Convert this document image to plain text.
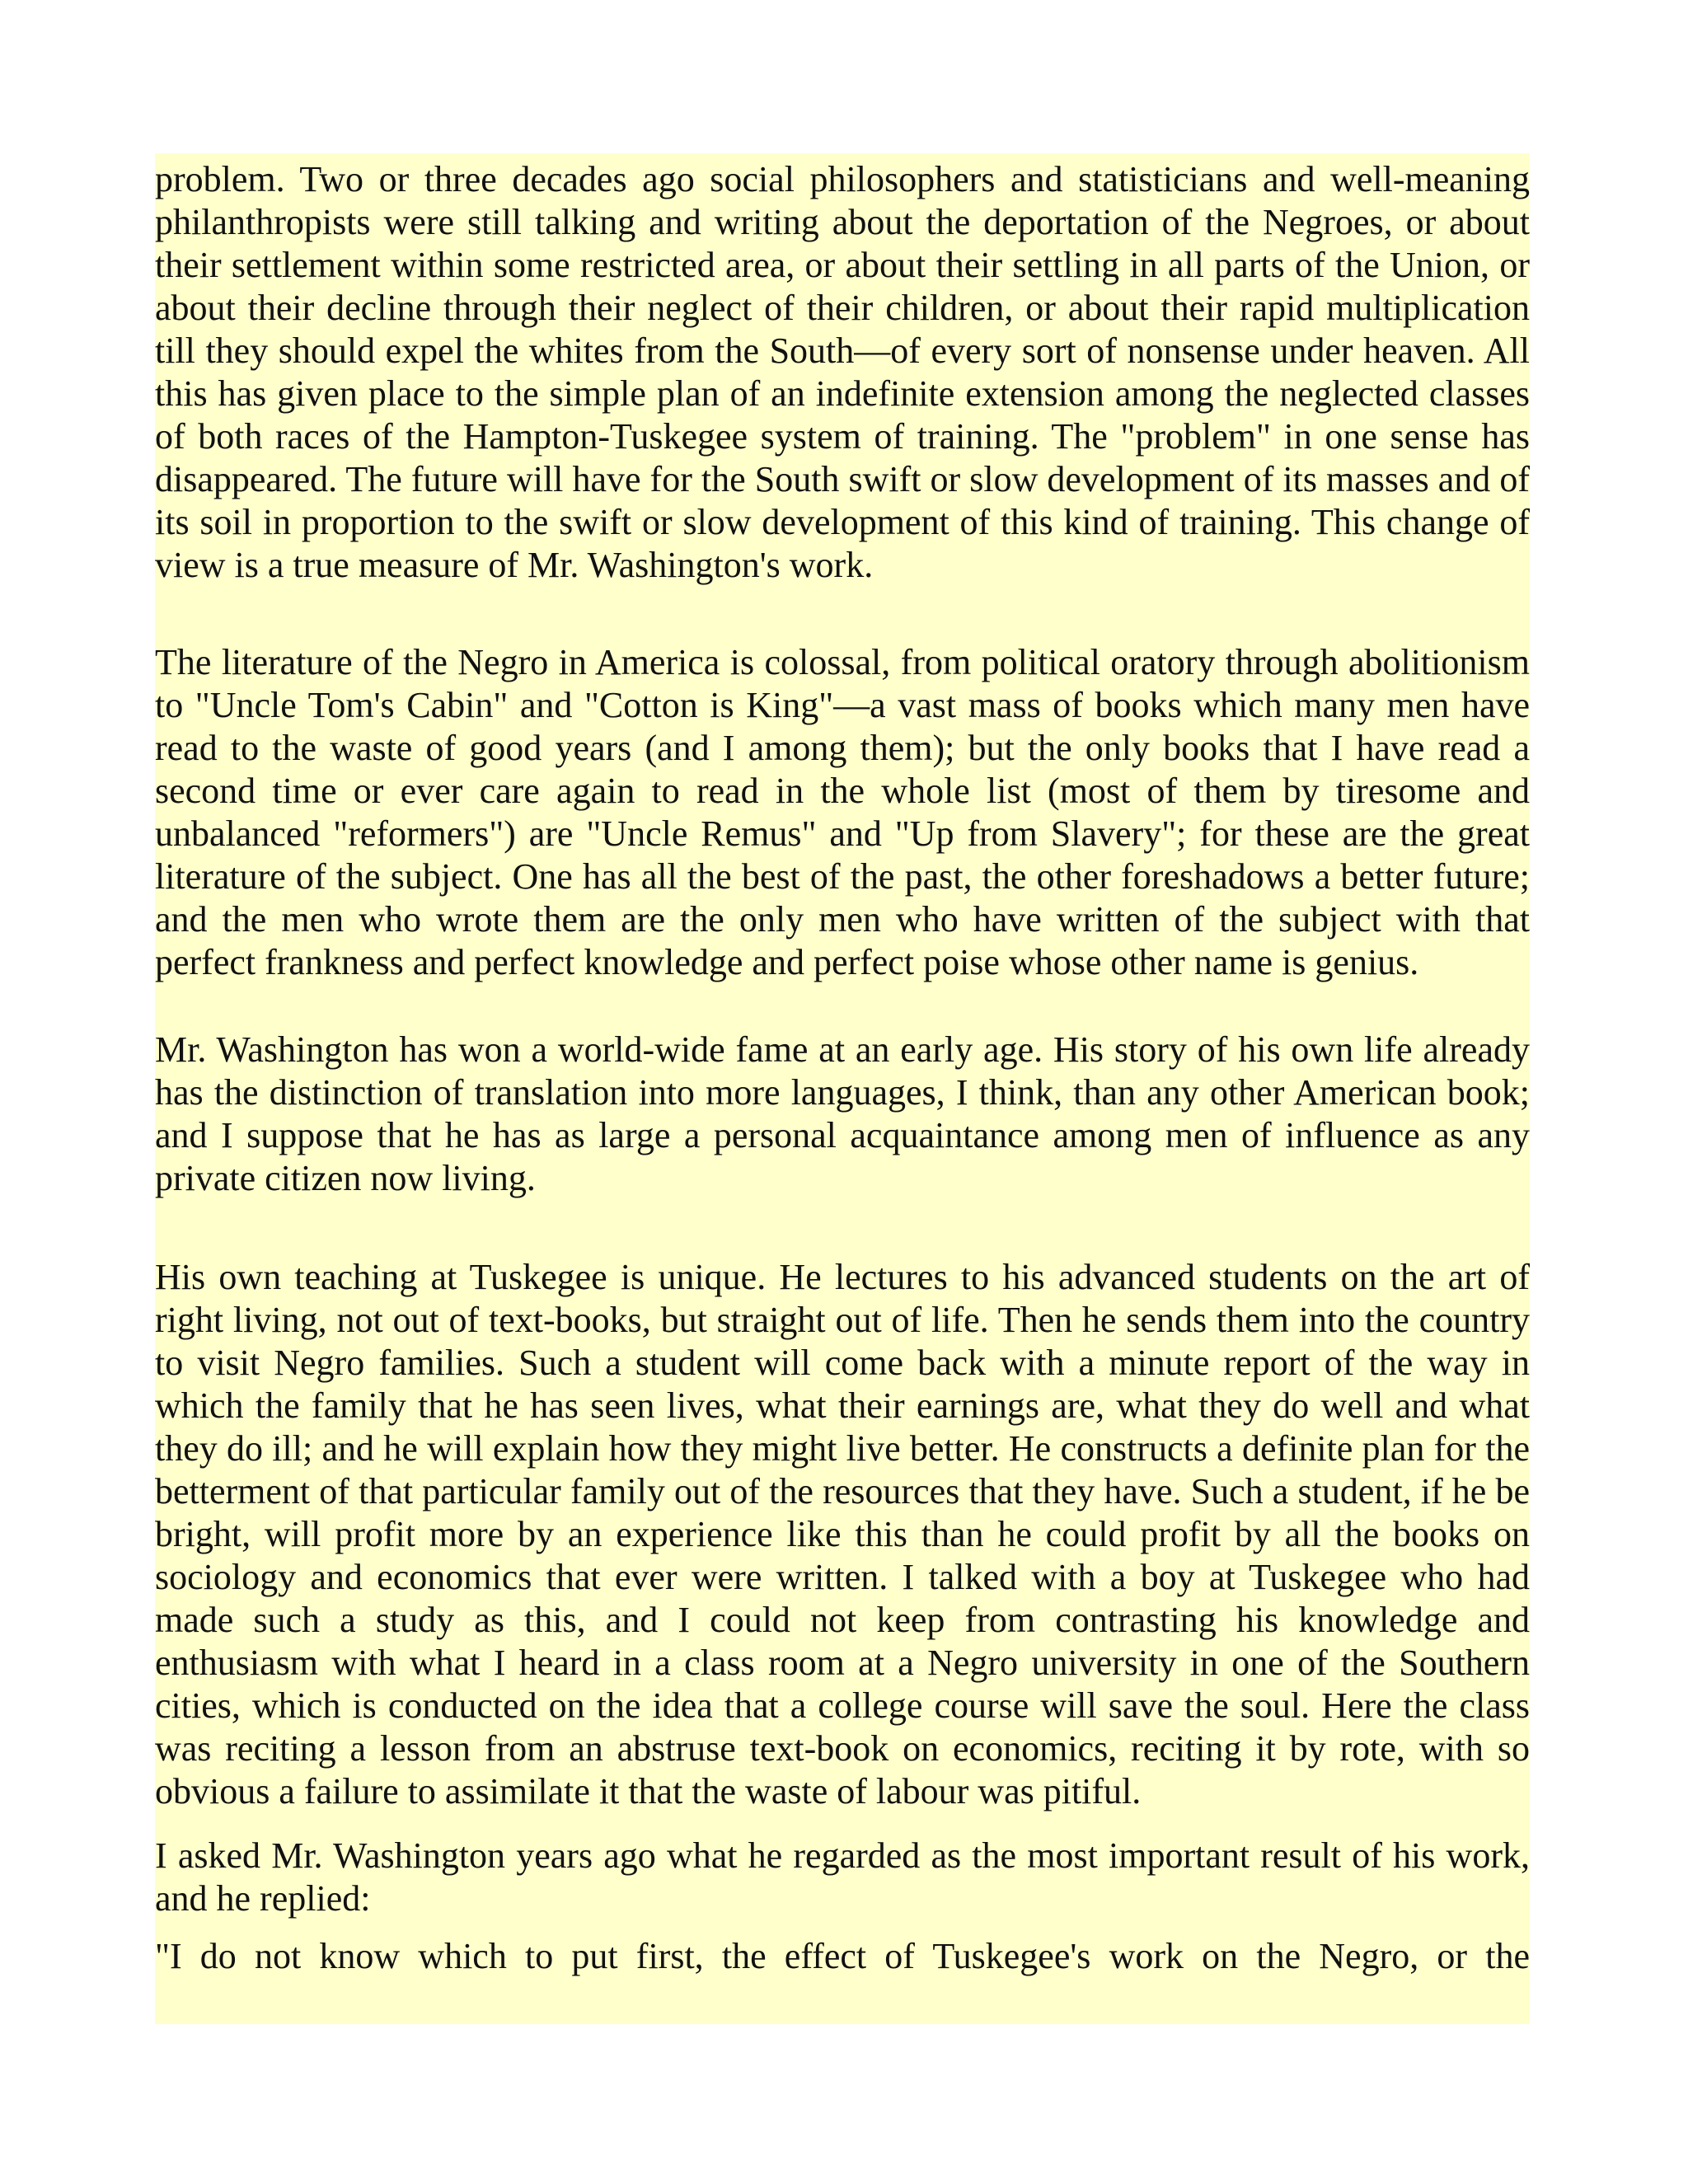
problem. Two or three decades ago social philosophers and statisticians and well-meaning philanthropists were still talking and writing about the deportation of the Negroes, or about their settlement within some restricted area, or about their settling in all parts of the Union, or about their decline through their neglect of their children, or about their rapid multiplication till they should expel the whites from the South—of every sort of nonsense under heaven. All this has given place to the simple plan of an indefinite extension among the neglected classes of both races of the Hampton-Tuskegee system of training. The "problem" in one sense has disappeared. The future will have for the South swift or slow development of its masses and of its soil in proportion to the swift or slow development of this kind of training. This change of view is a true measure of Mr. Washington's work.

The literature of the Negro in America is colossal, from political oratory through abolitionism to "Uncle Tom's Cabin" and "Cotton is King"—a vast mass of books which many men have read to the waste of good years (and I among them); but the only books that I have read a second time or ever care again to read in the whole list (most of them by tiresome and unbalanced "reformers") are "Uncle Remus" and "Up from Slavery"; for these are the great literature of the subject. One has all the best of the past, the other foreshadows a better future; and the men who wrote them are the only men who have written of the subject with that perfect frankness and perfect knowledge and perfect poise whose other name is genius.

Mr. Washington has won a world-wide fame at an early age. His story of his own life already has the distinction of translation into more languages, I think, than any other American book; and I suppose that he has as large a personal acquaintance among men of influence as any private citizen now living.

His own teaching at Tuskegee is unique. He lectures to his advanced students on the art of right living, not out of text-books, but straight out of life. Then he sends them into the country to visit Negro families. Such a student will come back with a minute report of the way in which the family that he has seen lives, what their earnings are, what they do well and what they do ill; and he will explain how they might live better. He constructs a definite plan for the betterment of that particular family out of the resources that they have. Such a student, if he be bright, will profit more by an experience like this than he could profit by all the books on sociology and economics that ever were written. I talked with a boy at Tuskegee who had made such a study as this, and I could not keep from contrasting his knowledge and enthusiasm with what I heard in a class room at a Negro university in one of the Southern cities, which is conducted on the idea that a college course will save the soul. Here the class was reciting a lesson from an abstruse text-book on economics, reciting it by rote, with so obvious a failure to assimilate it that the waste of labour was pitiful.

I asked Mr. Washington years ago what he regarded as the most important result of his work, and he replied:

"I do not know which to put first, the effect of Tuskegee's work on the Negro, or the
